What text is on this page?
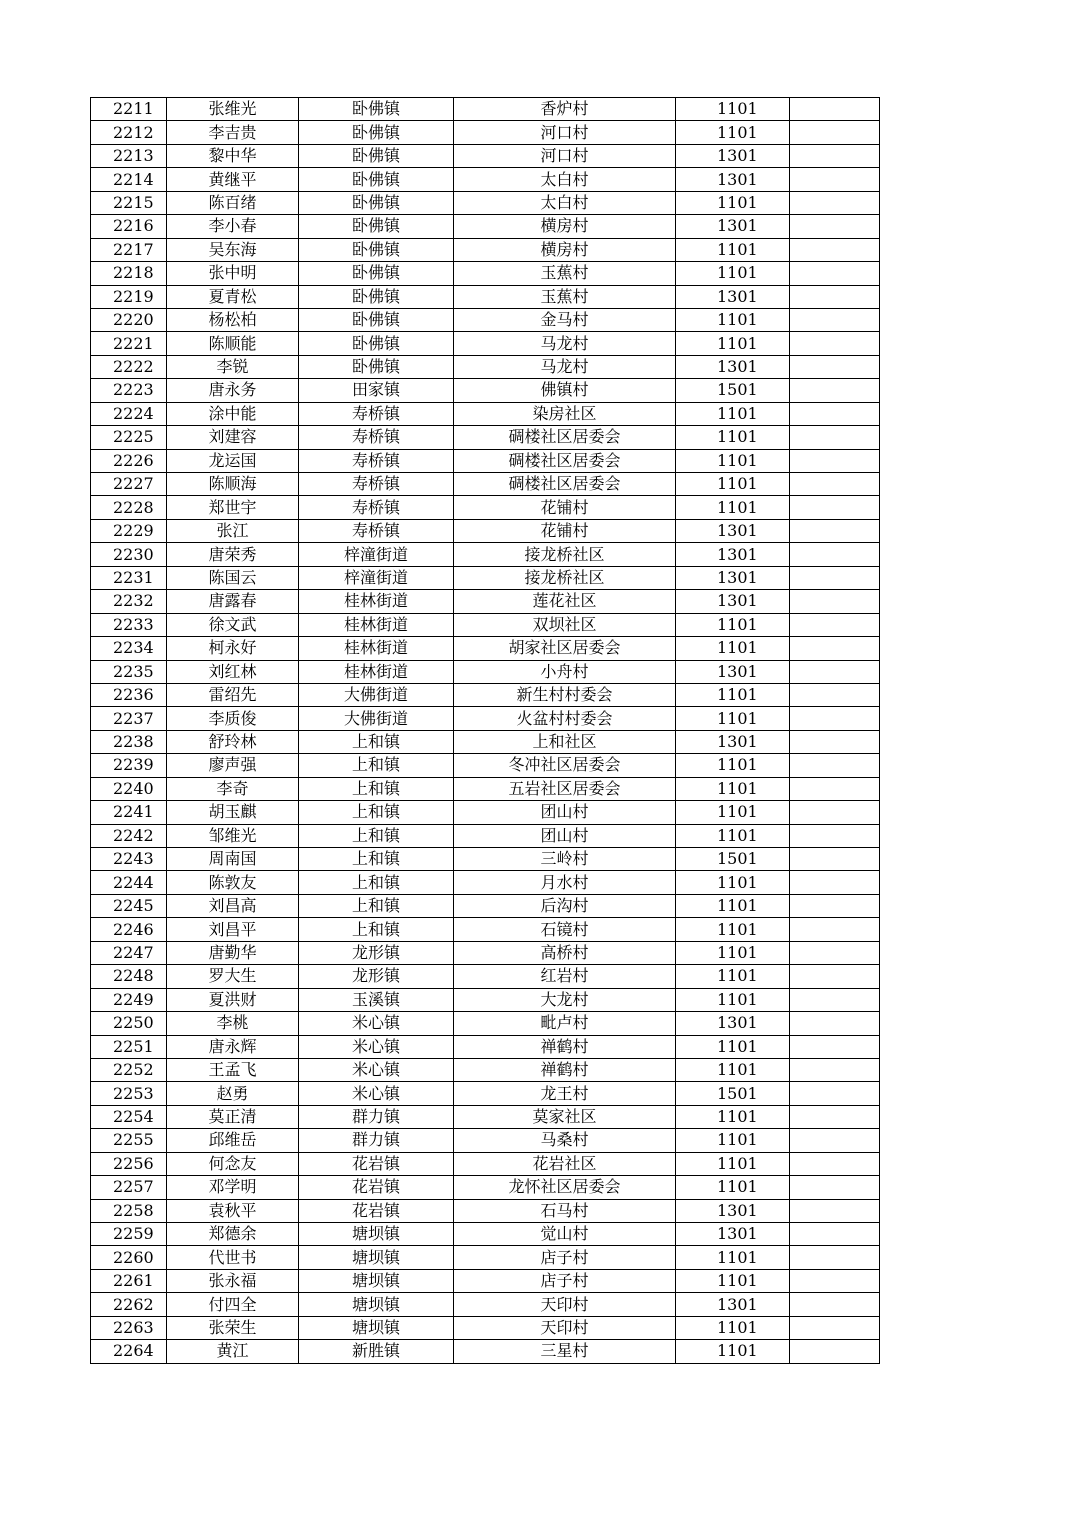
2211	张维光	卧佛镇	香炉村	1101	
2212	李吉贵	卧佛镇	河口村	1101	
2213	黎中华	卧佛镇	河口村	1301	
2214	黄继平	卧佛镇	太白村	1301	
2215	陈百绪	卧佛镇	太白村	1101	
2216	李小春	卧佛镇	横房村	1301	
2217	吴东海	卧佛镇	横房村	1101	
2218	张中明	卧佛镇	玉蕉村	1101	
2219	夏青松	卧佛镇	玉蕉村	1301	
2220	杨松柏	卧佛镇	金马村	1101	
2221	陈顺能	卧佛镇	马龙村	1101	
2222	李锐	卧佛镇	马龙村	1301	
2223	唐永务	田家镇	佛镇村	1501	
2224	涂中能	寿桥镇	染房社区	1101	
2225	刘建容	寿桥镇	碉楼社区居委会	1101	
2226	龙运国	寿桥镇	碉楼社区居委会	1101	
2227	陈顺海	寿桥镇	碉楼社区居委会	1101	
2228	郑世宇	寿桥镇	花铺村	1101	
2229	张江	寿桥镇	花铺村	1301	
2230	唐荣秀	梓潼街道	接龙桥社区	1301	
2231	陈国云	梓潼街道	接龙桥社区	1301	
2232	唐露春	桂林街道	莲花社区	1301	
2233	徐文武	桂林街道	双坝社区	1101	
2234	柯永好	桂林街道	胡家社区居委会	1101	
2235	刘红林	桂林街道	小舟村	1301	
2236	雷绍先	大佛街道	新生村村委会	1101	
2237	李质俊	大佛街道	火盆村村委会	1101	
2238	舒玲林	上和镇	上和社区	1301	
2239	廖声强	上和镇	冬冲社区居委会	1101	
2240	李奇	上和镇	五岩社区居委会	1101	
2241	胡玉麒	上和镇	团山村	1101	
2242	邹维光	上和镇	团山村	1101	
2243	周南国	上和镇	三岭村	1501	
2244	陈敦友	上和镇	月水村	1101	
2245	刘昌高	上和镇	后沟村	1101	
2246	刘昌平	上和镇	石镜村	1101	
2247	唐勤华	龙形镇	高桥村	1101	
2248	罗大生	龙形镇	红岩村	1101	
2249	夏洪财	玉溪镇	大龙村	1101	
2250	李桃	米心镇	毗卢村	1301	
2251	唐永辉	米心镇	禅鹤村	1101	
2252	王孟飞	米心镇	禅鹤村	1101	
2253	赵勇	米心镇	龙王村	1501	
2254	莫正清	群力镇	莫家社区	1101	
2255	邱维岳	群力镇	马桑村	1101	
2256	何念友	花岩镇	花岩社区	1101	
2257	邓学明	花岩镇	龙怀社区居委会	1101	
2258	袁秋平	花岩镇	石马村	1301	
2259	郑德余	塘坝镇	觉山村	1301	
2260	代世书	塘坝镇	店子村	1101	
2261	张永福	塘坝镇	店子村	1101	
2262	付四全	塘坝镇	天印村	1301	
2263	张荣生	塘坝镇	天印村	1101	
2264	黄江	新胜镇	三星村	1101	
